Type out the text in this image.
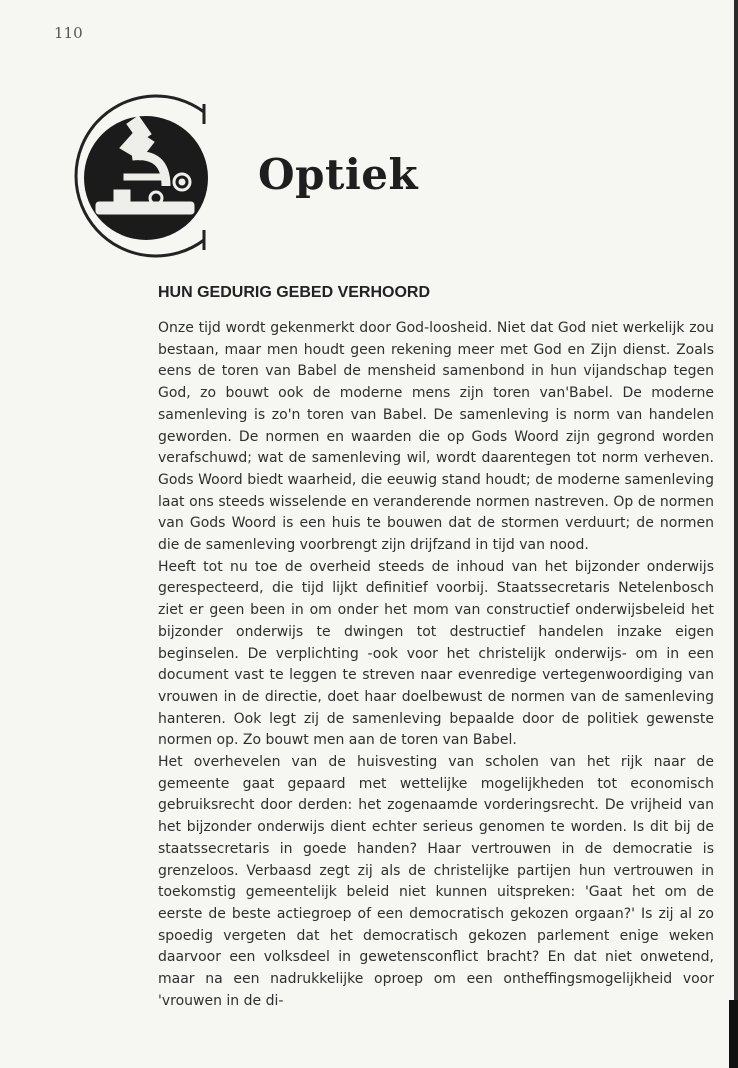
110
Optiek
HUN GEDURIG GEBED VERHOORD

Onze tijd wordt gekenmerkt door God-loosheid. Niet dat God niet werkelijk zou bestaan, maar men houdt geen rekening meer met God en Zijn dienst. Zoals eens de toren van Babel de mensheid samenbond in hun vijandschap tegen God, zo bouwt ook de moderne mens zijn toren van'Babel. De moderne samenleving is zo'n toren van Babel. De samenleving is norm van handelen geworden. De normen en waarden die op Gods Woord zijn gegrond worden verafschuwd; wat de samenleving wil, wordt daarentegen tot norm verheven. Gods Woord biedt waarheid, die eeuwig stand houdt; de moderne samenleving laat ons steeds wisselende en veranderende normen nastreven. Op de normen van Gods Woord is een huis te bouwen dat de stormen verduurt; de normen die de samenleving voorbrengt zijn drijfzand in tijd van nood.

Heeft tot nu toe de overheid steeds de inhoud van het bijzonder onderwijs gerespecteerd, die tijd lijkt definitief voorbij. Staatssecretaris Netelenbosch ziet er geen been in om onder het mom van constructief onderwijsbeleid het bijzonder onderwijs te dwingen tot destructief handelen inzake eigen beginselen. De verplichting -ook voor het christelijk onderwijs- om in een document vast te leggen te streven naar evenredige vertegenwoordiging van vrouwen in de directie, doet haar doelbewust de normen van de samenleving hanteren. Ook legt zij de samenleving bepaalde door de politiek gewenste normen op. Zo bouwt men aan de toren van Babel.

Het overhevelen van de huisvesting van scholen van het rijk naar de gemeente gaat gepaard met wettelijke mogelijkheden tot economisch gebruiksrecht door derden: het zogenaamde vorderingsrecht. De vrijheid van het bijzonder onderwijs dient echter serieus genomen te worden. Is dit bij de staatssecretaris in goede handen? Haar vertrouwen in de democratie is grenzeloos. Verbaasd zegt zij als de christelijke partijen hun vertrouwen in toekomstig gemeentelijk beleid niet kunnen uitspreken: 'Gaat het om de eerste de beste actiegroep of een democratisch gekozen orgaan?' Is zij al zo spoedig vergeten dat het democratisch gekozen parlement enige weken daarvoor een volksdeel in gewetensconflict bracht? En dat niet onwetend, maar na een nadrukkelijke oproep om een ontheffingsmogelijkheid voor 'vrouwen in de di-
